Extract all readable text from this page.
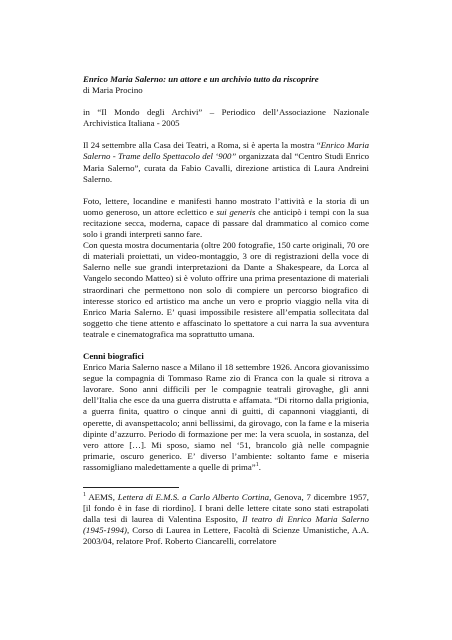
Enrico Maria Salerno: un attore e un archivio tutto da riscoprire

di Maria Procino

in “Il Mondo degli Archivi” – Periodico dell’Associazione Nazionale Archivistica Italiana - 2005

Il 24 settembre alla Casa dei Teatri, a Roma, si è aperta la mostra “Enrico Maria Salerno - Trame dello Spettacolo del ‘900” organizzata dal “Centro Studi Enrico Maria Salerno”, curata da Fabio Cavalli, direzione artistica di Laura Andreini Salerno.

Foto, lettere, locandine e manifesti hanno mostrato l’attività e la storia di un uomo generoso, un attore eclettico e sui generis che anticipò i tempi con la sua recitazione secca, moderna, capace di passare dal drammatico al comico come solo i grandi interpreti sanno fare.

Con questa mostra documentaria (oltre 200 fotografie, 150 carte originali, 70 ore di materiali proiettati, un video-montaggio, 3 ore di registrazioni della voce di Salerno nelle sue grandi interpretazioni da Dante a Shakespeare, da Lorca al Vangelo secondo Matteo) si è voluto offrire una prima presentazione di materiali straordinari che permettono non solo di compiere un percorso biografico di interesse storico ed artistico ma anche un vero e proprio viaggio nella vita di Enrico Maria Salerno. E’ quasi impossibile resistere all’empatia sollecitata dal soggetto che tiene attento e affascinato lo spettatore a cui narra la sua avventura teatrale e cinematografica ma soprattutto umana.

Cenni biografici

Enrico Maria Salerno nasce a Milano il 18 settembre 1926. Ancora giovanissimo segue la compagnia di Tommaso Rame zio di Franca con la quale si ritrova a lavorare. Sono anni difficili per le compagnie teatrali girovaghe, gli anni dell’Italia che esce da una guerra distrutta e affamata. “Di ritorno dalla prigionia, a guerra finita, quattro o cinque anni di guitti, di capannoni viaggianti, di operette, di avanspettacolo; anni bellissimi, da girovago, con la fame e la miseria dipinte d’azzurro. Periodo di formazione per me: la vera scuola, in sostanza, del vero attore […]. Mi sposo, siamo nel ‘51, brancolo già nelle compagnie primarie, oscuro generico. E’ diverso l’ambiente: soltanto fame e miseria rassomigliano maledettamente a quelle di prima”$^1$.

$^1$ AEMS, Lettera di E.M.S. a Carlo Alberto Cortina, Genova, 7 dicembre 1957, [il fondo è in fase di riordino]. I brani delle lettere citate sono stati estrapolati dalla tesi di laurea di Valentina Esposito, Il teatro di Enrico Maria Salerno (1945-1994), Corso di Laurea in Lettere, Facoltà di Scienze Umanistiche, A.A. 2003/04, relatore Prof. Roberto Ciancarelli, correlatore
